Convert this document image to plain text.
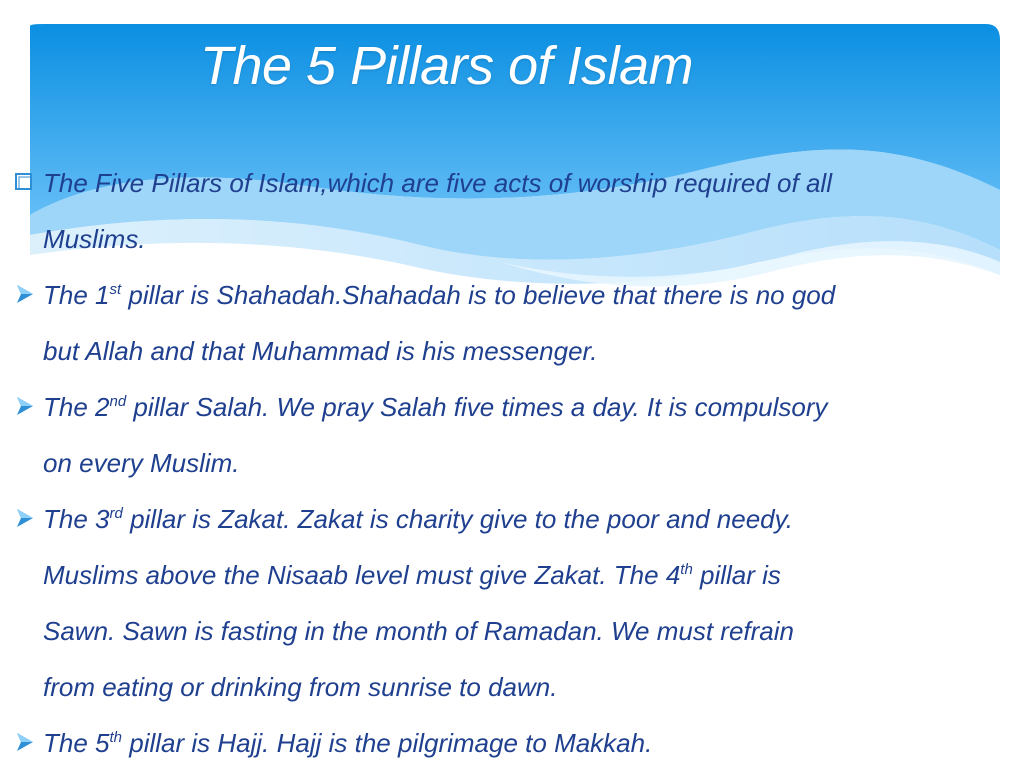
The 5 Pillars of Islam
The Five Pillars of Islam,which are five acts of worship required of all
Muslims.
The 1st pillar is Shahadah.Shahadah is to believe that there is no god
but Allah and that Muhammad is his messenger.
The 2nd pillar Salah. We pray Salah five times a day. It is compulsory
on every Muslim.
The 3rd pillar is Zakat. Zakat is charity give to the poor and needy.
Muslims above the Nisaab level must give Zakat. The 4th pillar is
Sawn. Sawn is fasting in the month of Ramadan. We must refrain
from eating or drinking from sunrise to dawn.
The 5th pillar is Hajj. Hajj is the pilgrimage to Makkah.
